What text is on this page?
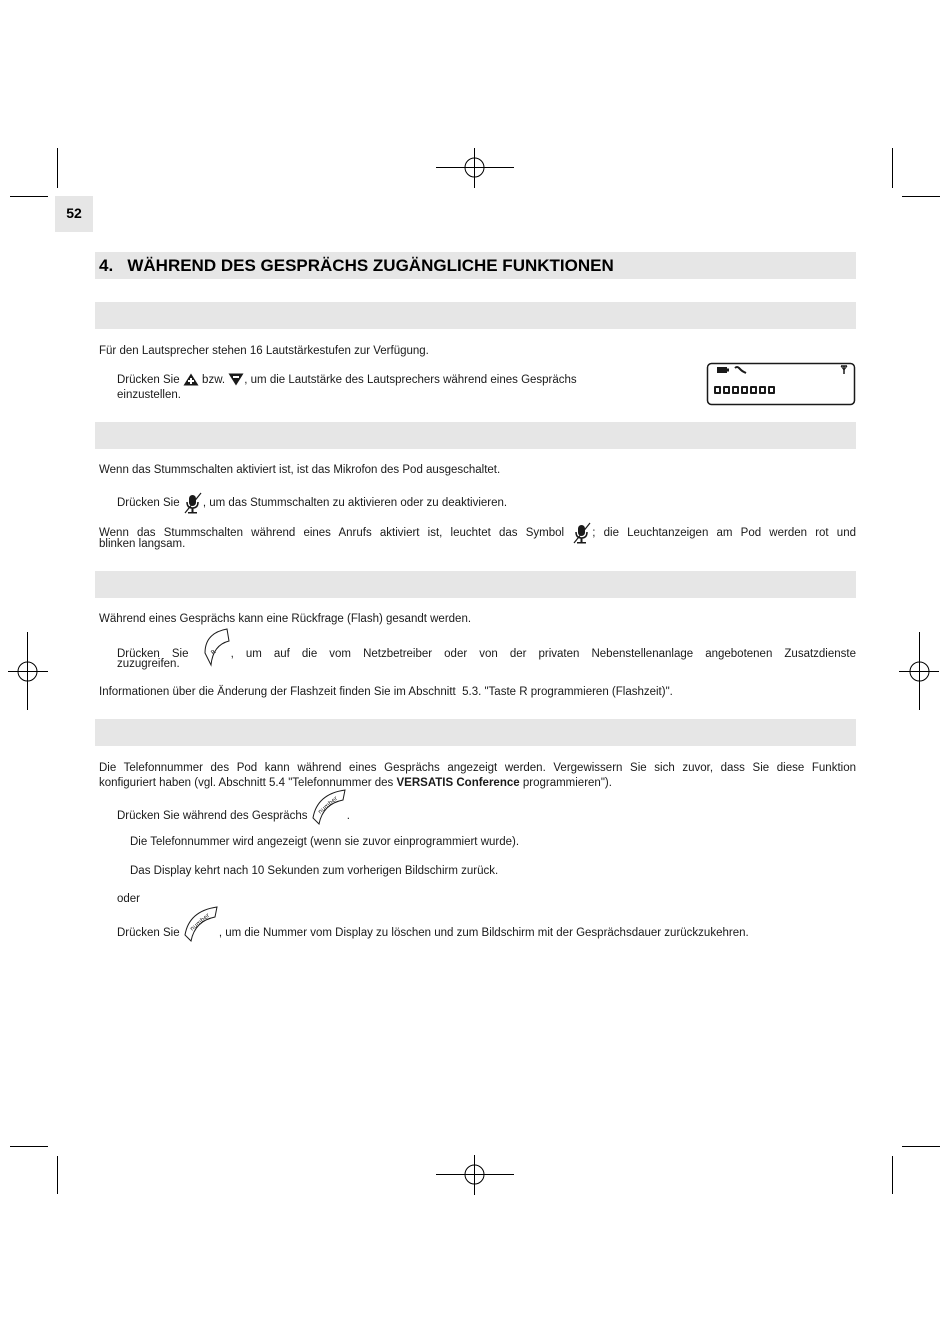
52
4.   WÄHREND DES GESPRÄCHS ZUGÄNGLICHE FUNKTIONEN
Für den Lautsprecher stehen 16 Lautstärkestufen zur Verfügung.
Drücken Sie bzw. , um die Lautstärke des Lautsprechers während eines Gesprächs
einzustellen.
Wenn das Stummschalten aktiviert ist, ist das Mikrofon des Pod ausgeschaltet.
Drücken Sie , um das Stummschalten zu aktivieren oder zu deaktivieren.
Wenn das Stummschalten während eines Anrufs aktiviert ist, leuchtet das Symbol ; die Leuchtanzeigen am Pod werden rot und
blinken langsam.
Während eines Gesprächs kann eine Rückfrage (Flash) gesandt werden.
Drücken Sie	R , um auf die vom Netzbetreiber oder von der privaten Nebenstellenanlage angebotenen Zusatzdienste
zuzugreifen.
Informationen über die Änderung der Flashzeit finden Sie im Abschnitt  5.3. "Taste R programmieren (Flashzeit)".
Die Telefonnummer des Pod kann während eines Gesprächs angezeigt werden. Vergewissern Sie sich zuvor, dass Sie diese Funktion
konfiguriert haben (vgl. Abschnitt 5.4 "Telefonnummer des VERSATIS Conference programmieren").
Drücken Sie während des Gesprächs
number
.
Die Telefonnummer wird angezeigt (wenn sie zuvor einprogrammiert wurde).
Das Display kehrt nach 10 Sekunden zum vorherigen Bildschirm zurück.
oder
Drücken Sie
number
, um die Nummer vom Display zu löschen und zum Bildschirm mit der Gesprächsdauer zurückzukehren.
